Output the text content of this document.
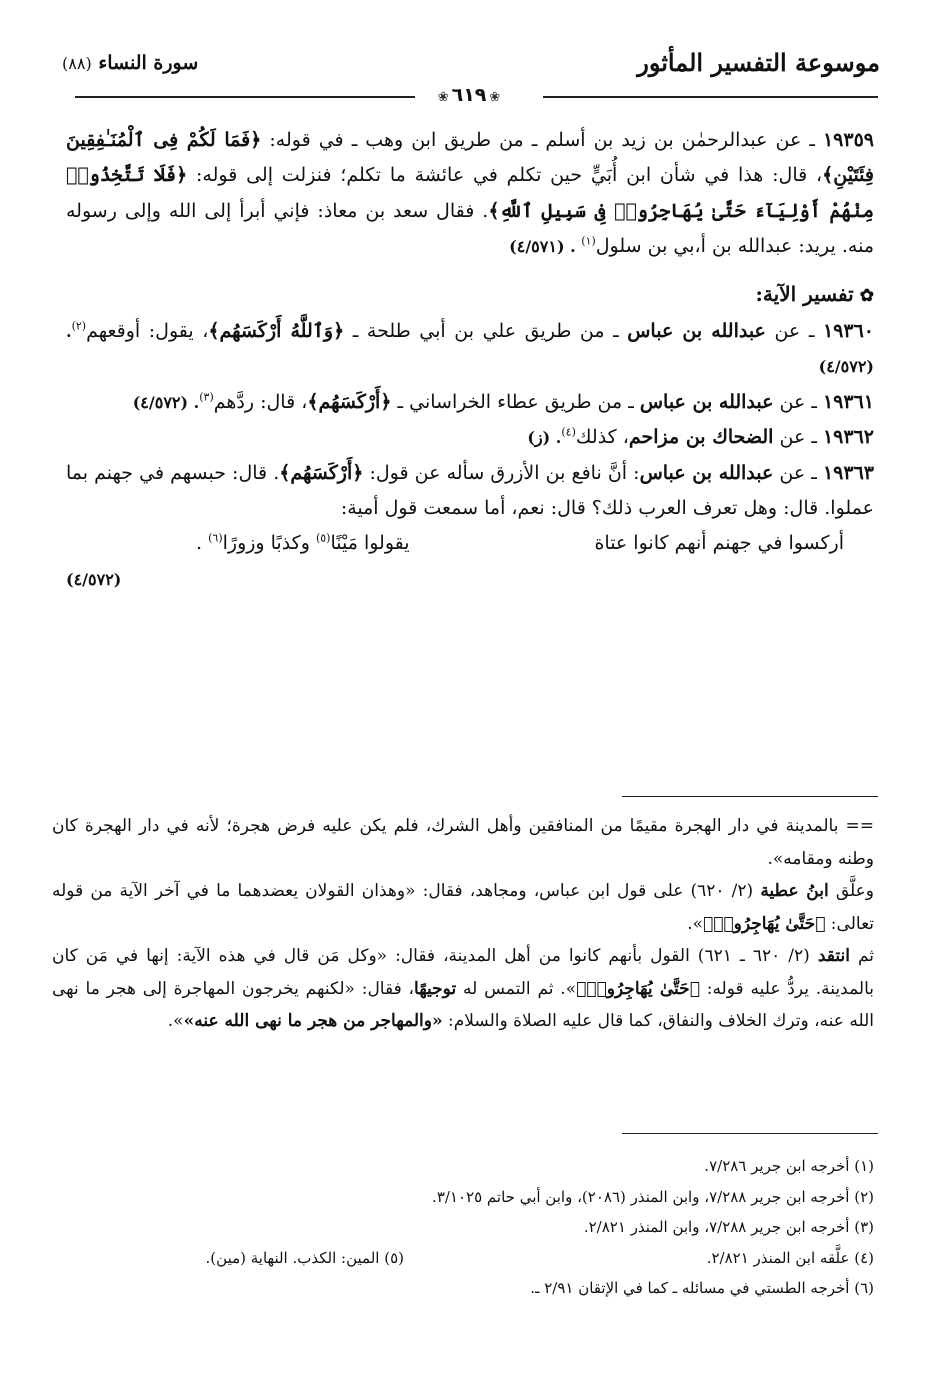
موسوعة التفسير المأثور
سورة النساء (٨٨)
❀٦١٩❀

١٩٣٥٩ ـ عن عبدالرحمٰن بن زيد بن أسلم ـ من طريق ابن وهب ـ في قوله: ﴿فَمَا لَكُمْ فِى ٱلْمُنَـٰفِقِينَ فِئَتَيْنِ﴾، قال: هذا في شأن ابن أُبَيٍّ حين تكلم في عائشة ما تكلم؛ فنزلت إلى قوله: ﴿فَلَا تَتَّخِذُوا۟ مِنْهُمْ أَوْلِيَآءَ حَتَّىٰ يُهَاجِرُوا۟ فِى سَبِيلِ ٱللَّهِ﴾. فقال سعد بن معاذ: فإني أبرأ إلى الله وإلى رسوله منه. يريد: عبدالله بن أ،بي بن سلول$^{(١)}$ . (٤/٥٧١)

✿تفسير الآية:

١٩٣٦٠ ـ عن عبدالله بن عباس ـ من طريق علي بن أبي طلحة ـ ﴿وَٱللَّهُ أَرْكَسَهُم﴾، يقول: أوقعهم$^{(٢)}$. (٤/٥٧٢)

١٩٣٦١ ـ عن عبدالله بن عباس ـ من طريق عطاء الخراساني ـ ﴿أَرْكَسَهُم﴾، قال: ردَّهم$^{(٣)}$. (٤/٥٧٢)

١٩٣٦٢ ـ عن الضحاك بن مزاحم، كذلك$^{(٤)}$. (ز)

١٩٣٦٣ ـ عن عبدالله بن عباس: أنَّ نافع بن الأزرق سأله عن قول: ﴿أَرْكَسَهُم﴾. قال: حبسهم في جهنم بما عملوا. قال: وهل تعرف العرب ذلك؟ قال: نعم، أما سمعت قول أمية:

أركسوا في جهنم أنهم كانوا عتاة
يقولوا مَيْنًا$^{(٥)}$ وكذبًا وزورًا$^{(٦)}$ .

(٤/٥٧٢)

== بالمدينة في دار الهجرة مقيمًا من المنافقين وأهل الشرك، فلم يكن عليه فرض هجرة؛ لأنه في دار الهجرة كان وطنه ومقامه».

وعلَّق ابنُ عطية (٢/ ٦٢٠) على قول ابن عباس، ومجاهد، فقال: «وهذان القولان يعضدهما ما في آخر الآية من قوله تعالى: ﴿حَتَّىٰ يُهَاجِرُوا۟﴾».

ثم انتقد (٢/ ٦٢٠ ـ ٦٢١) القول بأنهم كانوا من أهل المدينة، فقال: «وكل مَن قال في هذه الآية: إنها في مَن كان بالمدينة. يردُّ عليه قوله: ﴿حَتَّىٰ يُهَاجِرُوا۟﴾». ثم التمس له توجيهًا، فقال: «لكنهم يخرجون المهاجرة إلى هجر ما نهى الله عنه، وترك الخلاف والنفاق، كما قال عليه الصلاة والسلام: «والمهاجر من هجر ما نهى الله عنه»».

(١) أخرجه ابن جرير ٧/٢٨٦.

(٢) أخرجه ابن جرير ٧/٢٨٨، وابن المنذر (٢٠٨٦)، وابن أبي حاتم ٣/١٠٢٥.

(٣) أخرجه ابن جرير ٧/٢٨٨، وابن المنذر ٢/٨٢١.

(٤) علَّقه ابن المنذر ٢/٨٢١.
(٥) المين: الكذب. النهاية (مين).

(٦) أخرجه الطستي في مسائله ـ كما في الإتقان ٢/٩١ ـ.
